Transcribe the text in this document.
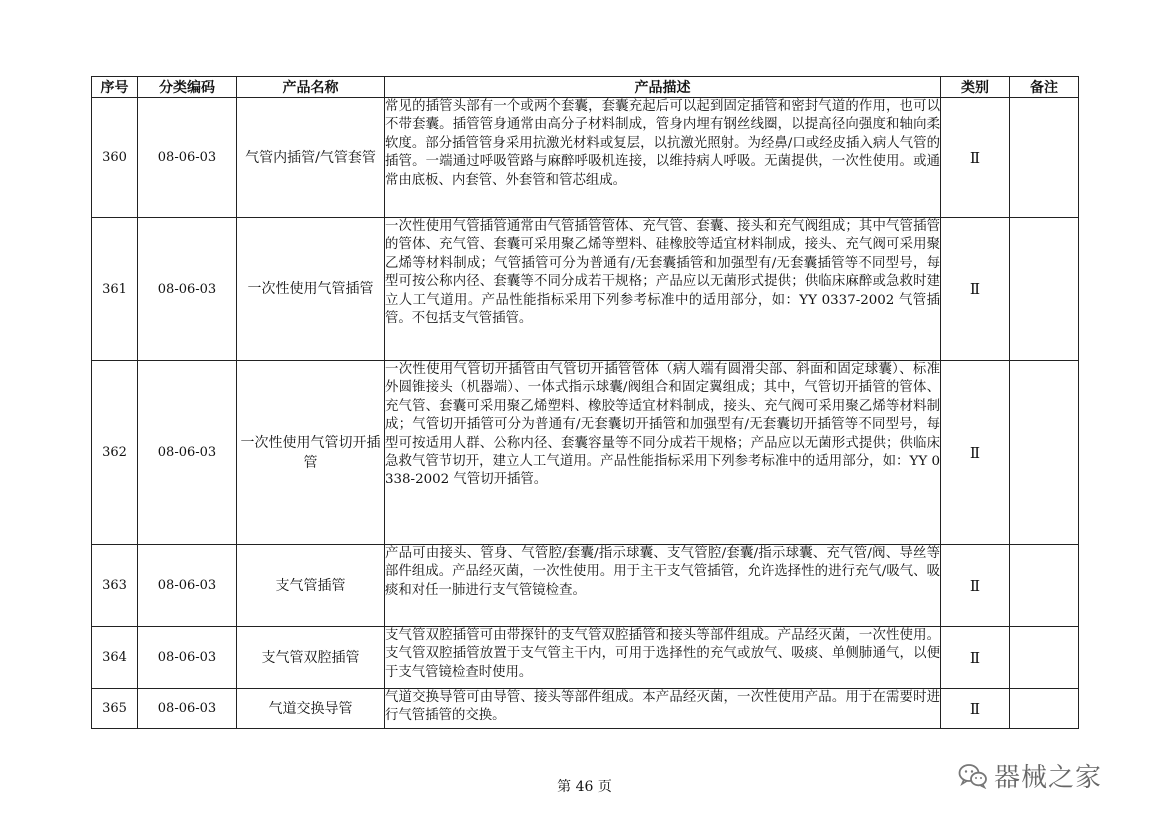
序号	分类编码	产品名称	产品描述	类别	备注
360	08-06-03	气管内插管/气管套管	常见的插管头部有一个或两个套囊，套囊充起后可以起到固定插管和密封气道的作用，也可以不带套囊。插管管身通常由高分子材料制成，管身内埋有钢丝线圈，以提高径向强度和轴向柔软度。部分插管管身采用抗激光材料或复层，以抗激光照射。为经鼻/口或经皮插入病人气管的插管。一端通过呼吸管路与麻醉呼吸机连接，以维持病人呼吸。无菌提供，一次性使用。或通常由底板、内套管、外套管和管芯组成。	Ⅱ	
361	08-06-03	一次性使用气管插管	一次性使用气管插管通常由气管插管管体、充气管、套囊、接头和充气阀组成；其中气管插管的管体、充气管、套囊可采用聚乙烯等塑料、硅橡胶等适宜材料制成，接头、充气阀可采用聚乙烯等材料制成；气管插管可分为普通有/无套囊插管和加强型有/无套囊插管等不同型号，每型可按公称内径、套囊等不同分成若干规格；产品应以无菌形式提供；供临床麻醉或急救时建立人工气道用。产品性能指标采用下列参考标准中的适用部分，如：YY 0337-2002 气管插管。不包括支气管插管。	Ⅱ	
362	08-06-03	一次性使用气管切开插管	一次性使用气管切开插管由气管切开插管管体（病人端有圆滑尖部、斜面和固定球囊）、标准外圆锥接头（机器端）、一体式指示球囊/阀组合和固定翼组成；其中，气管切开插管的管体、充气管、套囊可采用聚乙烯塑料、橡胶等适宜材料制成，接头、充气阀可采用聚乙烯等材料制成；气管切开插管可分为普通有/无套囊切开插管和加强型有/无套囊切开插管等不同型号，每型可按适用人群、公称内径、套囊容量等不同分成若干规格；产品应以无菌形式提供；供临床急救气管节切开，建立人工气道用。产品性能指标采用下列参考标准中的适用部分，如：YY 0338-2002 气管切开插管。	Ⅱ	
363	08-06-03	支气管插管	产品可由接头、管身、气管腔/套囊/指示球囊、支气管腔/套囊/指示球囊、充气管/阀、导丝等部件组成。产品经灭菌，一次性使用。用于主干支气管插管，允许选择性的进行充气/吸气、吸痰和对任一肺进行支气管镜检查。	Ⅱ	
364	08-06-03	支气管双腔插管	支气管双腔插管可由带探针的支气管双腔插管和接头等部件组成。产品经灭菌，一次性使用。支气管双腔插管放置于支气管主干内，可用于选择性的充气或放气、吸痰、单侧肺通气，以便于支气管镜检查时使用。	Ⅱ	
365	08-06-03	气道交换导管	气道交换导管可由导管、接头等部件组成。本产品经灭菌，一次性使用产品。用于在需要时进行气管插管的交换。	Ⅱ	
器械之家
第 46 页
